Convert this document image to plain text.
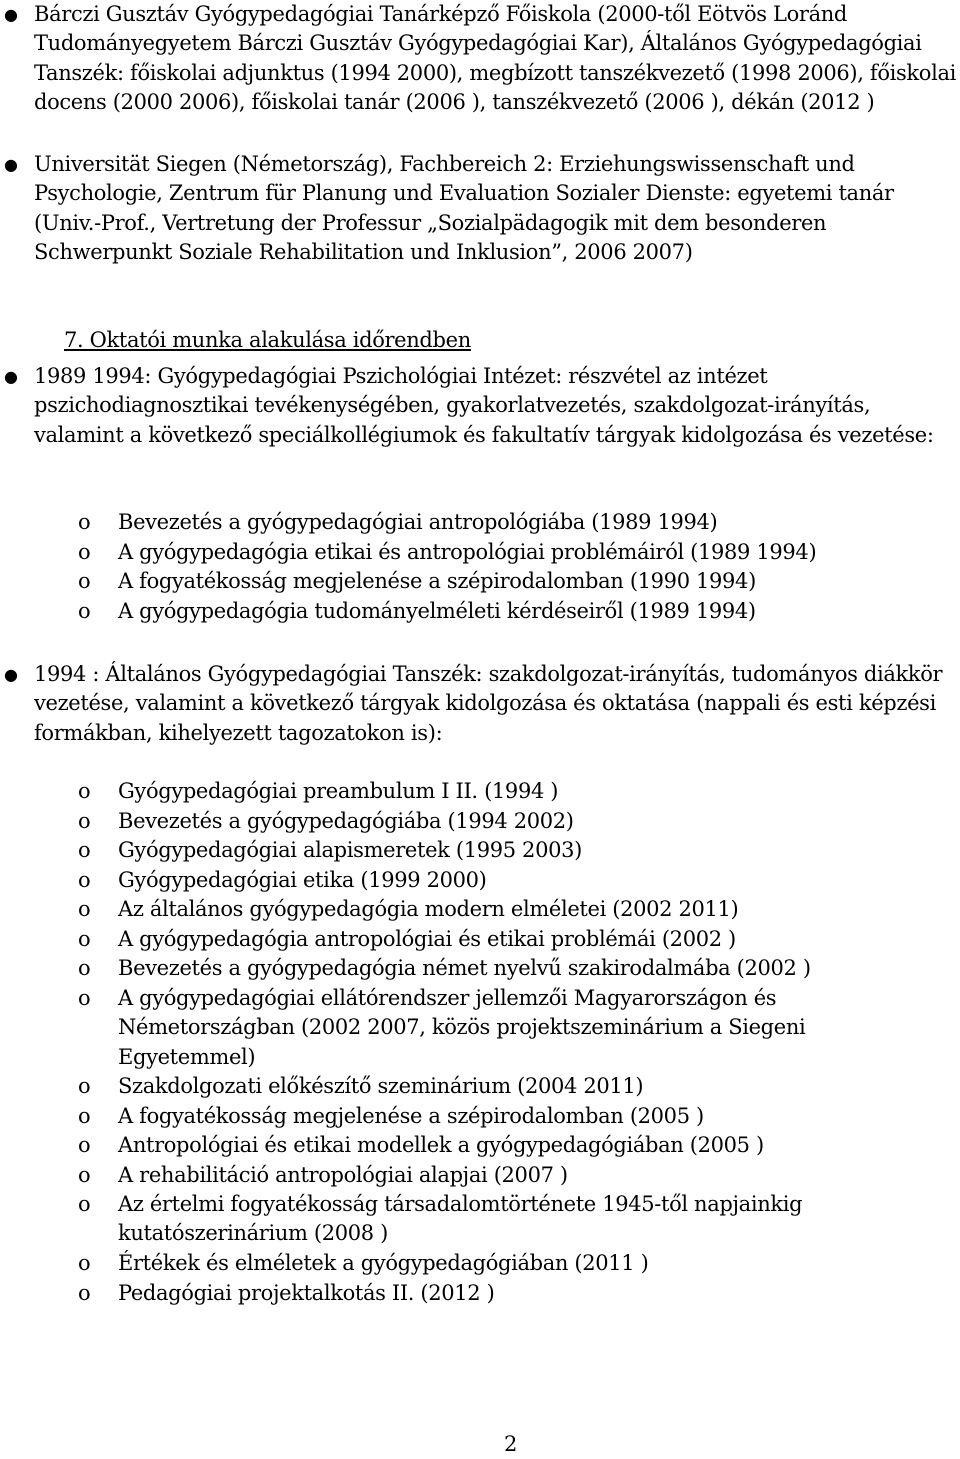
● Bárczi Gusztáv Gyógypedagógiai Tanárképző Főiskola (2000-től Eötvös Loránd Tudományegyetem Bárczi Gusztáv Gyógypedagógiai Kar), Általános Gyógypedagógiai Tanszék: főiskolai adjunktus (1994 2000), megbízott tanszékvezető (1998 2006), főiskolai docens (2000 2006), főiskolai tanár (2006 ), tanszékvezető (2006 ), dékán (2012 )
● Universität Siegen (Németország), Fachbereich 2: Erziehungswissenschaft und Psychologie, Zentrum für Planung und Evaluation Sozialer Dienste: egyetemi tanár (Univ.-Prof., Vertretung der Professur „Sozialpädagogik mit dem besonderen Schwerpunkt Soziale Rehabilitation und Inklusion”, 2006 2007)
7. Oktatói munka alakulása időrendben
● 1989 1994: Gyógypedagógiai Pszichológiai Intézet: részvétel az intézet pszichodiagnosztikai tevékenységében, gyakorlatvezetés, szakdolgozat-irányítás, valamint a következő speciálkollégiumok és fakultatív tárgyak kidolgozása és vezetése:
o Bevezetés a gyógypedagógiai antropológiába (1989 1994)
o A gyógypedagógia etikai és antropológiai problémáiról (1989 1994)
o A fogyatékosság megjelenése a szépirodalomban (1990 1994)
o A gyógypedagógia tudományelméleti kérdéseiről (1989 1994)
● 1994 : Általános Gyógypedagógiai Tanszék: szakdolgozat-irányítás, tudományos diákkör vezetése, valamint a következő tárgyak kidolgozása és oktatása (nappali és esti képzési formákban, kihelyezett tagozatokon is):
o Gyógypedagógiai preambulum I II. (1994 )
o Bevezetés a gyógypedagógiába (1994 2002)
o Gyógypedagógiai alapismeretek (1995 2003)
o Gyógypedagógiai etika (1999 2000)
o Az általános gyógypedagógia modern elméletei (2002 2011)
o A gyógypedagógia antropológiai és etikai problémái (2002 )
o Bevezetés a gyógypedagógia német nyelvű szakirodalmába (2002 )
o A gyógypedagógiai ellátórendszer jellemzői Magyarországon és Németországban (2002 2007, közös projektszeminárium a Siegeni Egyetemmel)
o Szakdolgozati előkészítő szeminárium (2004 2011)
o A fogyatékosság megjelenése a szépirodalomban (2005 )
o Antropológiai és etikai modellek a gyógypedagógiában (2005 )
o A rehabilitáció antropológiai alapjai (2007 )
o Az értelmi fogyatékosság társadalomtörténete 1945-től napjainkig kutatószerinárium (2008 )
o Értékek és elméletek a gyógypedagógiában (2011 )
o Pedagógiai projektalkotás II. (2012 )
2
